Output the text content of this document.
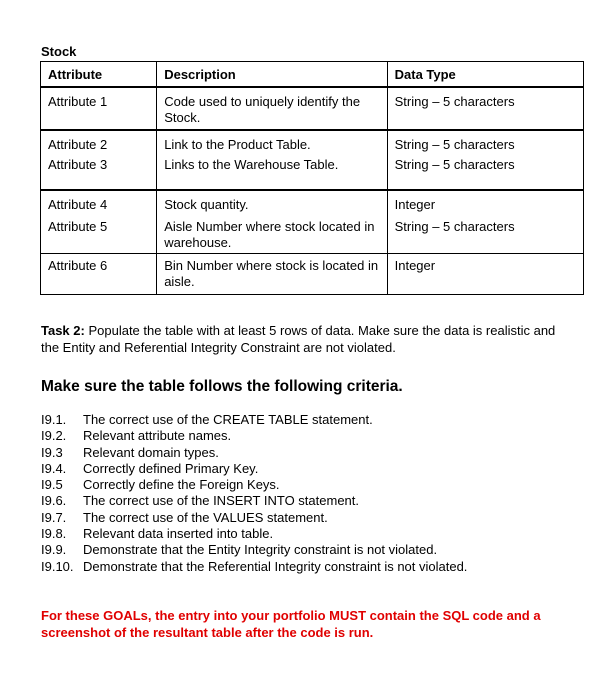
Stock
Attribute	Description	Data Type
Attribute 1	Code used to uniquely identify the Stock.	String – 5 characters
Attribute 2	Link to the Product Table.	String – 5 characters
Attribute 3	Links to the Warehouse Table.	String – 5 characters
Attribute 4	Stock quantity.	Integer
Attribute 5	Aisle Number where stock located in warehouse.	String – 5 characters
Attribute 6	Bin Number where stock is located in aisle.	Integer
Task 2: Populate the table with at least 5 rows of data. Make sure the data is realistic and the Entity and Referential Integrity Constraint are not violated.
Make sure the table follows the following criteria.
I9.1.	The correct use of the CREATE TABLE statement.
I9.2.	Relevant attribute names.
I9.3	Relevant domain types.
I9.4.	Correctly defined Primary Key.
I9.5	Correctly define the Foreign Keys.
I9.6.	The correct use of the INSERT INTO statement.
I9.7.	The correct use of the VALUES statement.
I9.8.	Relevant data inserted into table.
I9.9.	Demonstrate that the Entity Integrity constraint is not violated.
I9.10. Demonstrate that the Referential Integrity constraint is not violated.
For these GOALs, the entry into your portfolio MUST contain the SQL code and a screenshot of the resultant table after the code is run.
